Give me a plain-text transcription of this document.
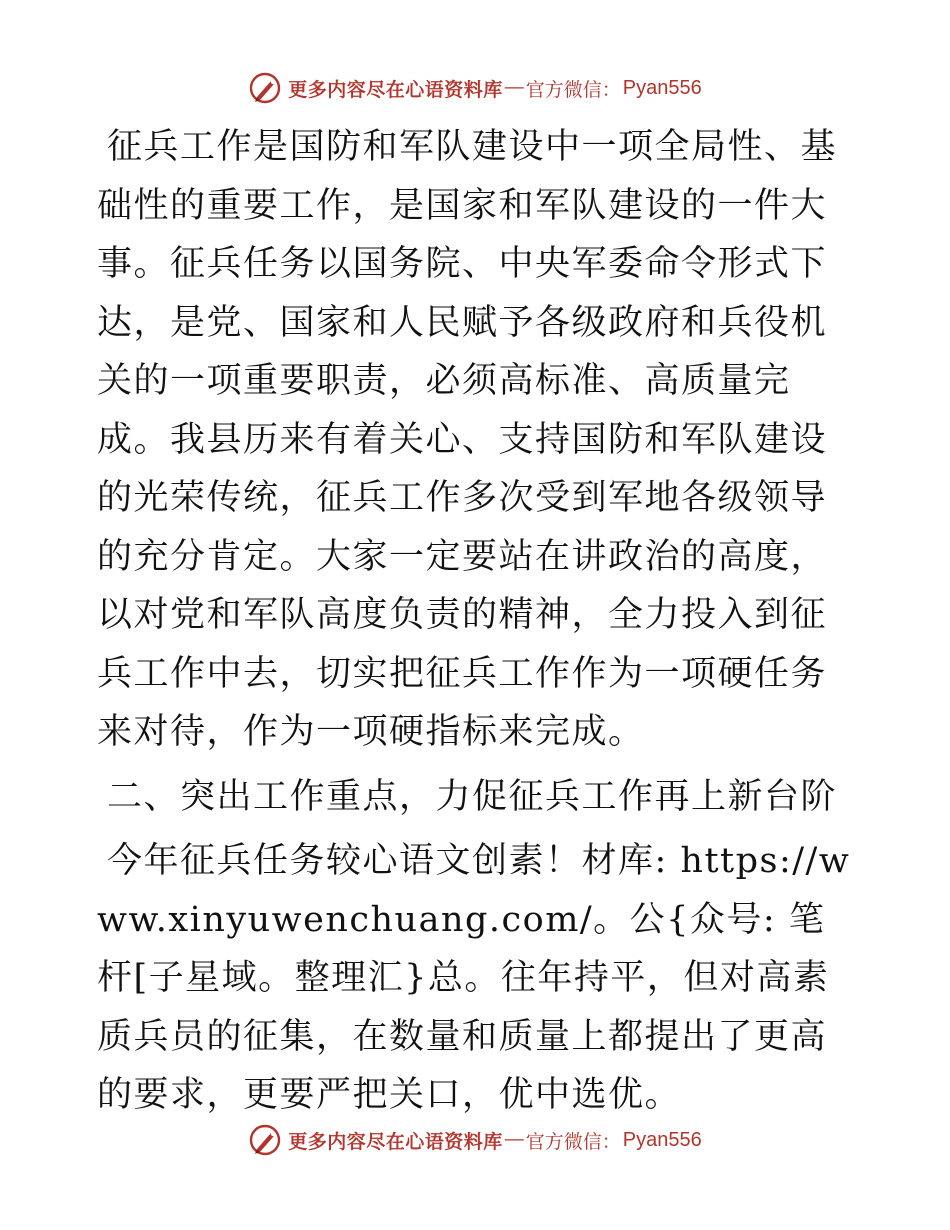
更多内容尽在心语资料库 — 官方微信： Pyan556

征兵工作是国防和军队建设中一项全局性、基础性的重要工作，是国家和军队建设的一件大事。征兵任务以国务院、中央军委命令形式下达，是党、国家和人民赋予各级政府和兵役机关的一项重要职责，必须高标准、高质量完成。我县历来有着关心、支持国防和军队建设的光荣传统，征兵工作多次受到军地各级领导的充分肯定。大家一定要站在讲政治的高度，以对党和军队高度负责的精神，全力投入到征兵工作中去，切实把征兵工作作为一项硬任务来对待，作为一项硬指标来完成。

二、突出工作重点，力促征兵工作再上新台阶

今年征兵任务较心语文创素！材库: https://www.xinyuwenchuang.com/。公{众号: 笔杆[子星域。整理汇}总。往年持平，但对高素质兵员的征集，在数量和质量上都提出了更高的要求，更要严把关口，优中选优。

更多内容尽在心语资料库 — 官方微信： Pyan556
